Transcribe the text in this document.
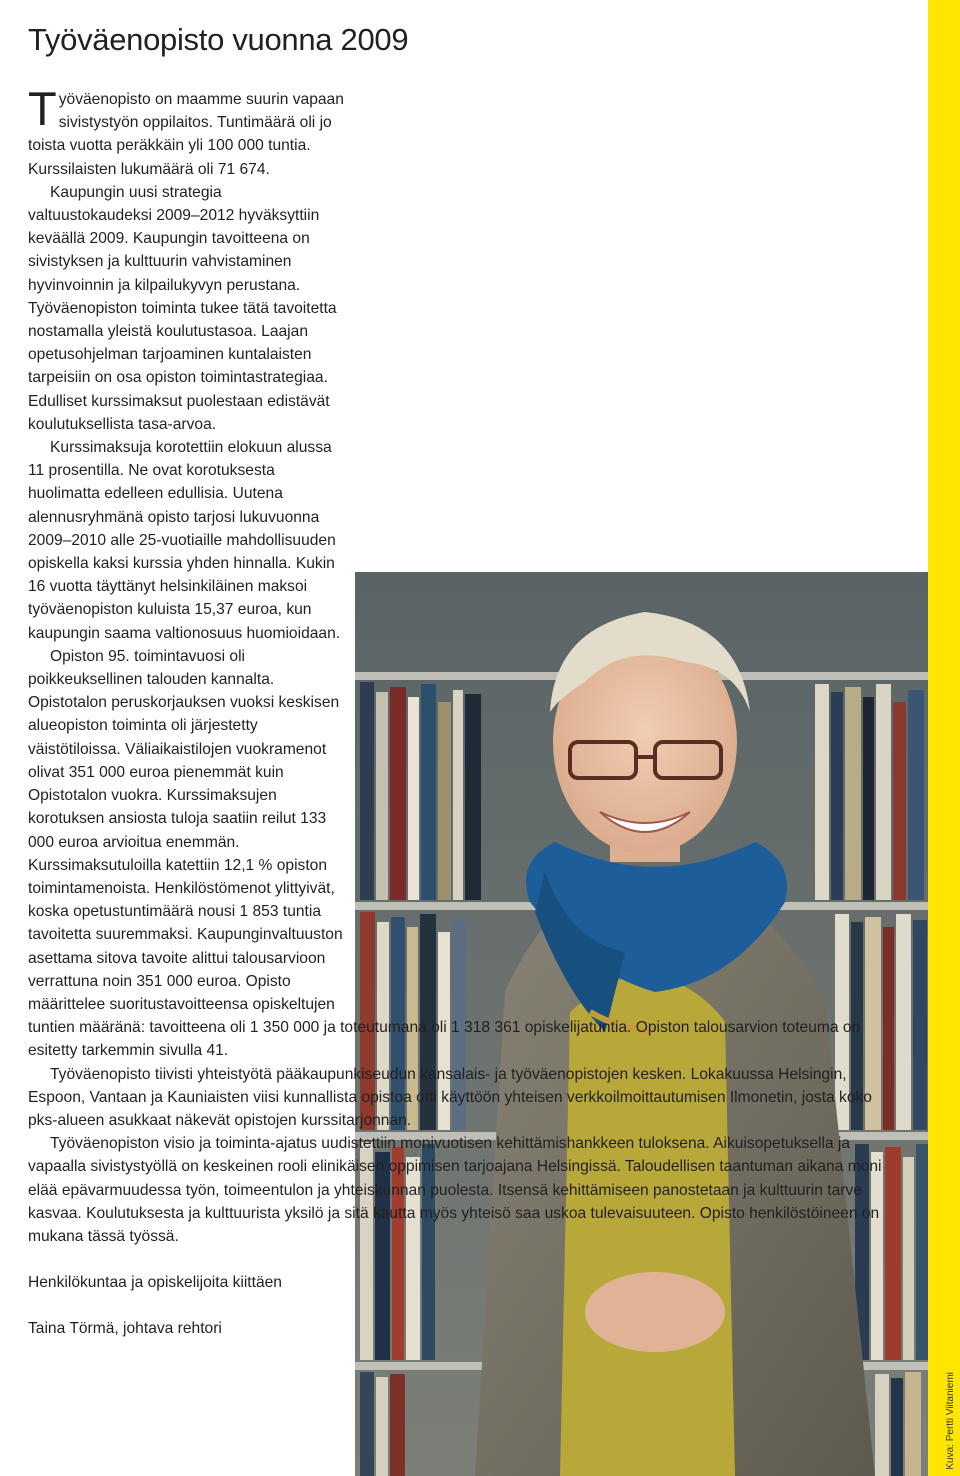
Kuva: Pertti Viitaniemi
Työväenopisto vuonna 2009

Työväenopisto on maamme suurin vapaan sivistystyön oppilaitos. Tuntimäärä oli jo toista vuotta peräkkäin yli 100 000 tuntia. Kurssilaisten lukumäärä oli 71 674.

Kaupungin uusi strategia valtuustokaudeksi 2009–2012 hyväksyttiin keväällä 2009. Kaupungin tavoitteena on sivistyksen ja kulttuurin vahvistaminen hyvinvoinnin ja kilpailukyvyn perustana. Työväenopiston toiminta tukee tätä tavoitetta nostamalla yleistä koulutustasoa. Laajan opetusohjelman tarjoaminen kuntalaisten tarpeisiin on osa opiston toimintastrategiaa. Edulliset kurssimaksut puolestaan edistävät koulutuksellista tasa-arvoa.

Kurssimaksuja korotettiin elokuun alussa 11 prosentilla. Ne ovat korotuksesta huolimatta edelleen edullisia. Uutena alennusryhmänä opisto tarjosi lukuvuonna 2009–2010 alle 25-vuotiaille mahdollisuuden opiskella kaksi kurssia yhden hinnalla. Kukin 16 vuotta täyttänyt helsinkiläinen maksoi työväenopiston kuluista 15,37 euroa, kun kaupungin saama valtionosuus huomioidaan.

Opiston 95. toimintavuosi oli poikkeuksellinen talouden kannalta. Opistotalon peruskorjauksen vuoksi keskisen alueopiston toiminta oli järjestetty väistötiloissa. Väliaikaistilojen vuokramenot olivat 351 000 euroa pienemmät kuin Opistotalon vuokra. Kurssimaksujen korotuksen ansiosta tuloja saatiin reilut 133 000 euroa arvioitua enemmän. Kurssimaksutuloilla katettiin 12,1 % opiston toimintamenoista. Henkilöstömenot ylittyivät, koska opetustuntimäärä nousi 1 853 tuntia tavoitetta suuremmaksi. Kaupunginvaltuuston asettama sitova tavoite alittui talousarvioon verrattuna noin 351 000 euroa. Opisto määrittelee suoritustavoitteensa opiskeltujen tuntien määränä: tavoitteena oli 1 350 000 ja toteutumana oli 1 318 361 opiskelijatuntia. Opiston talousarvion toteuma on esitetty tarkemmin sivulla 41.

Työväenopisto tiivisti yhteistyötä pääkaupunkiseudun kansalais- ja työväenopistojen kesken. Lokakuussa Helsingin, Espoon, Vantaan ja Kauniaisten viisi kunnallista opistoa otti käyttöön yhteisen verkkoilmoittautumisen Ilmonetin, josta koko pks-alueen asukkaat näkevät opistojen kurssitarjonnan.

Työväenopiston visio ja toiminta-ajatus uudistettiin monivuotisen kehittämishankkeen tuloksena. Aikuisopetuksella ja vapaalla sivistystyöllä on keskeinen rooli elinikäisen oppimisen tarjoajana Helsingissä. Taloudellisen taantuman aikana moni elää epävarmuudessa työn, toimeentulon ja yhteiskunnan puolesta. Itsensä kehittämiseen panostetaan ja kulttuurin tarve kasvaa. Koulutuksesta ja kulttuurista yksilö ja sitä kautta myös yhteisö saa uskoa tulevaisuuteen. Opisto henkilöstöineen on mukana tässä työssä.

Henkilökuntaa ja opiskelijoita kiittäen

Taina Törmä, johtava rehtori
